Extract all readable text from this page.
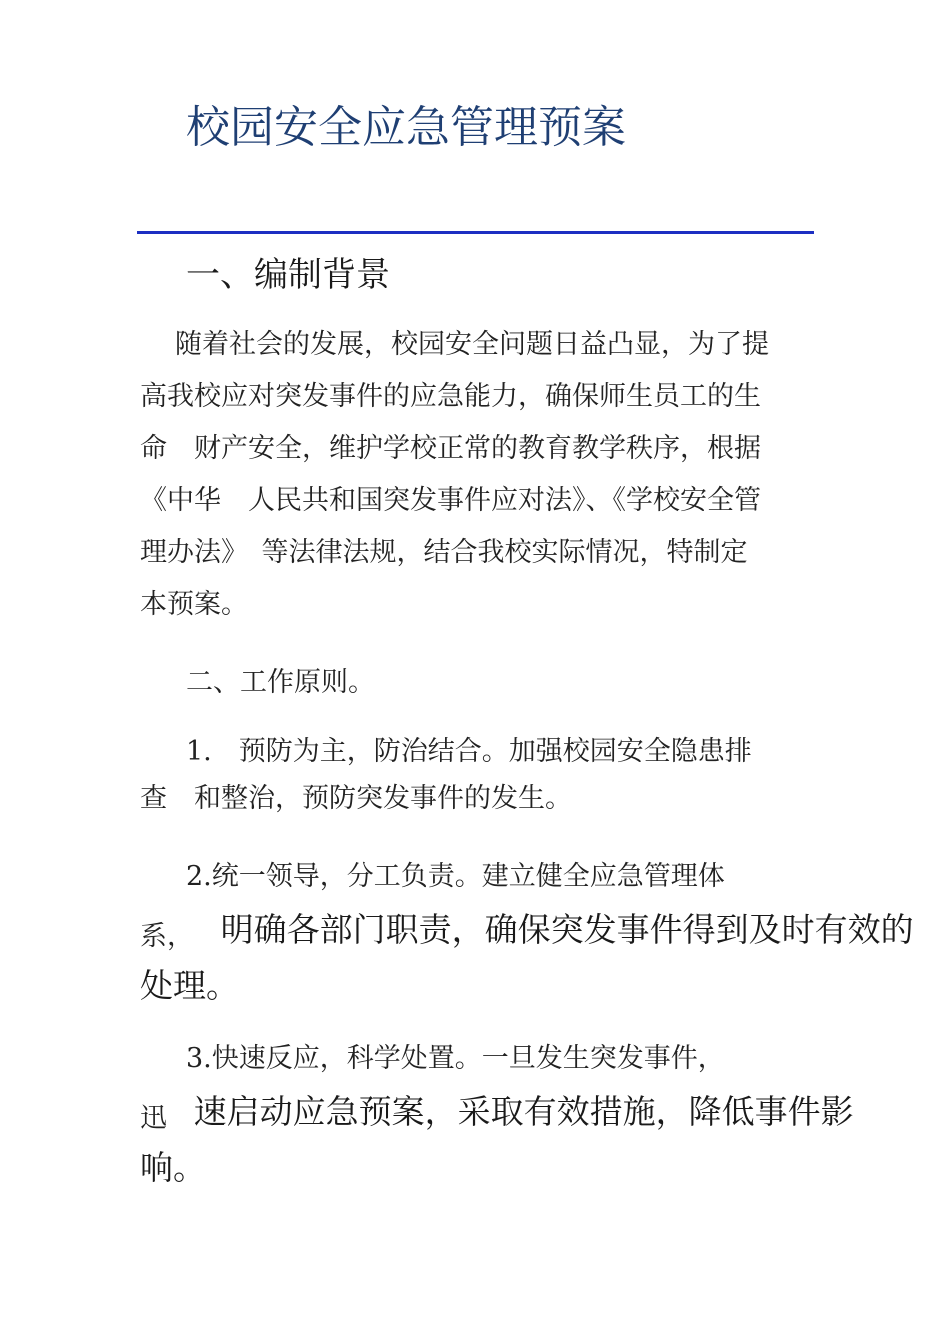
校园安全应急管理预案
一、编制背景
　随着社会的发展，校园安全问题日益凸显，为了提
高我校应对突发事件的应急能力，确保师生员工的生
命　财产安全，维护学校正常的教育教学秩序，根据
《中华　人民共和国突发事件应对法》、《学校安全管
理办法》　等法律法规，结合我校实际情况，特制定
本预案。
二、工作原则。
1.　预防为主，防治结合。加强校园安全隐患排
查　和整治，预防突发事件的发生。
2.统一领导，分工负责。建立健全应急管理体
系， 明确各部门职责，确保突发事件得到及时有效的
处理。
3.快速反应，科学处置。一旦发生突发事件，
迅 速启动应急预案，采取有效措施，降低事件影
响。
